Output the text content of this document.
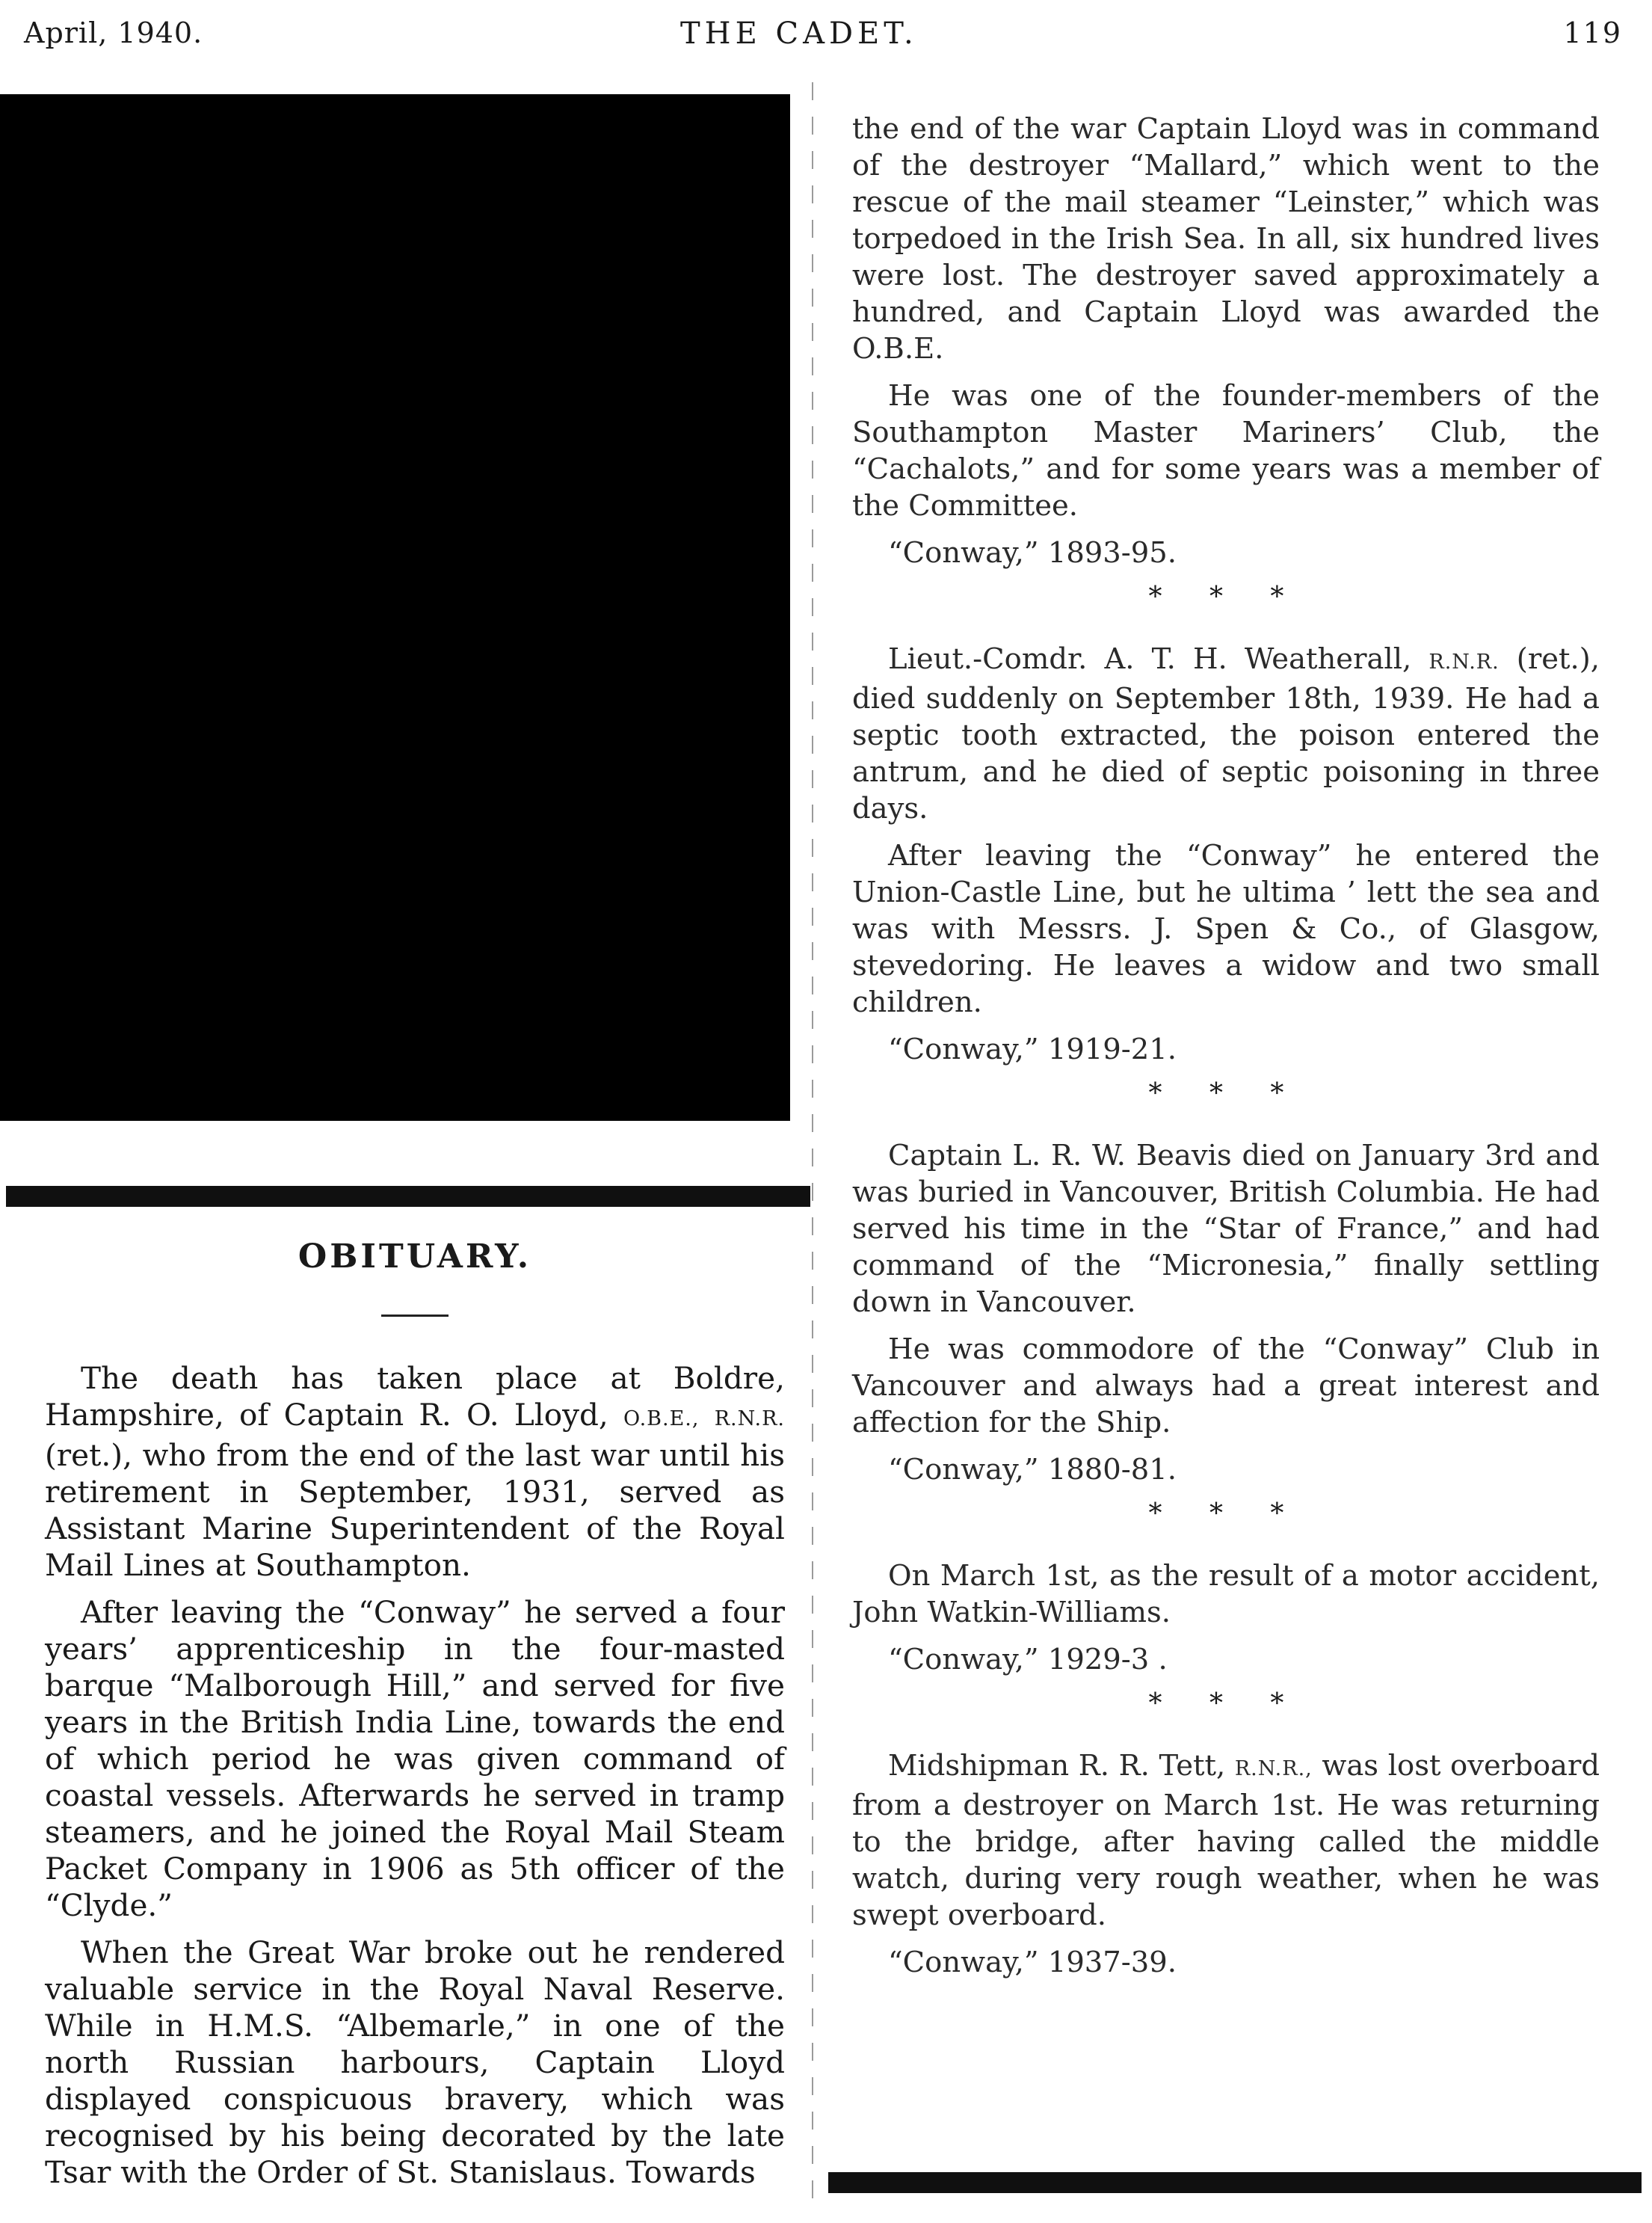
April, 1940.	THE CADET.	119
OBITUARY.

The death has taken place at Boldre, Hampshire, of Captain R. O. Lloyd, O.B.E., R.N.R. (ret.), who from the end of the last war until his retirement in September, 1931, served as Assistant Marine Superintendent of the Royal Mail Lines at Southampton.

After leaving the “Conway” he served a four years’ apprenticeship in the four-masted barque “Malborough Hill,” and served for five years in the British India Line, towards the end of which period he was given command of coastal vessels. Afterwards he served in tramp steamers, and he joined the Royal Mail Steam Packet Company in 1906 as 5th officer of the “Clyde.”

When the Great War broke out he rendered valuable service in the Royal Naval Reserve. While in H.M.S. “Albemarle,” in one of the north Russian harbours, Captain Lloyd displayed conspicuous bravery, which was recognised by his being decorated by the late Tsar with the Order of St. Stanislaus. Towards

the end of the war Captain Lloyd was in command of the destroyer “Mallard,” which went to the rescue of the mail steamer “Leinster,” which was torpedoed in the Irish Sea. In all, six hundred lives were lost. The destroyer saved approximately a hundred, and Captain Lloyd was awarded the O.B.E.

He was one of the founder-members of the Southampton Master Mariners’ Club, the “Cachalots,” and for some years was a member of the Committee.

“Conway,” 1893-95.

* * *

Lieut.-Comdr. A. T. H. Weatherall, R.N.R. (ret.), died suddenly on September 18th, 1939. He had a septic tooth extracted, the poison entered the antrum, and he died of septic poisoning in three days.

After leaving the “Conway” he entered the Union-Castle Line, but he ultima ’ lett the sea and was with Messrs. J. Spen & Co., of Glasgow, stevedoring. He leaves a widow and two small children.

“Conway,” 1919-21.

* * *

Captain L. R. W. Beavis died on January 3rd and was buried in Vancouver, British Columbia. He had served his time in the “Star of France,” and had command of the “Micronesia,” finally settling down in Vancouver.

He was commodore of the “Conway” Club in Vancouver and always had a great interest and affection for the Ship.

“Conway,” 1880-81.

* * *

On March 1st, as the result of a motor accident, John Watkin-Williams.

“Conway,” 1929-3 .

* * *

Midshipman R. R. Tett, R.N.R., was lost overboard from a destroyer on March 1st. He was returning to the bridge, after having called the middle watch, during very rough weather, when he was swept overboard.

“Conway,” 1937-39.
